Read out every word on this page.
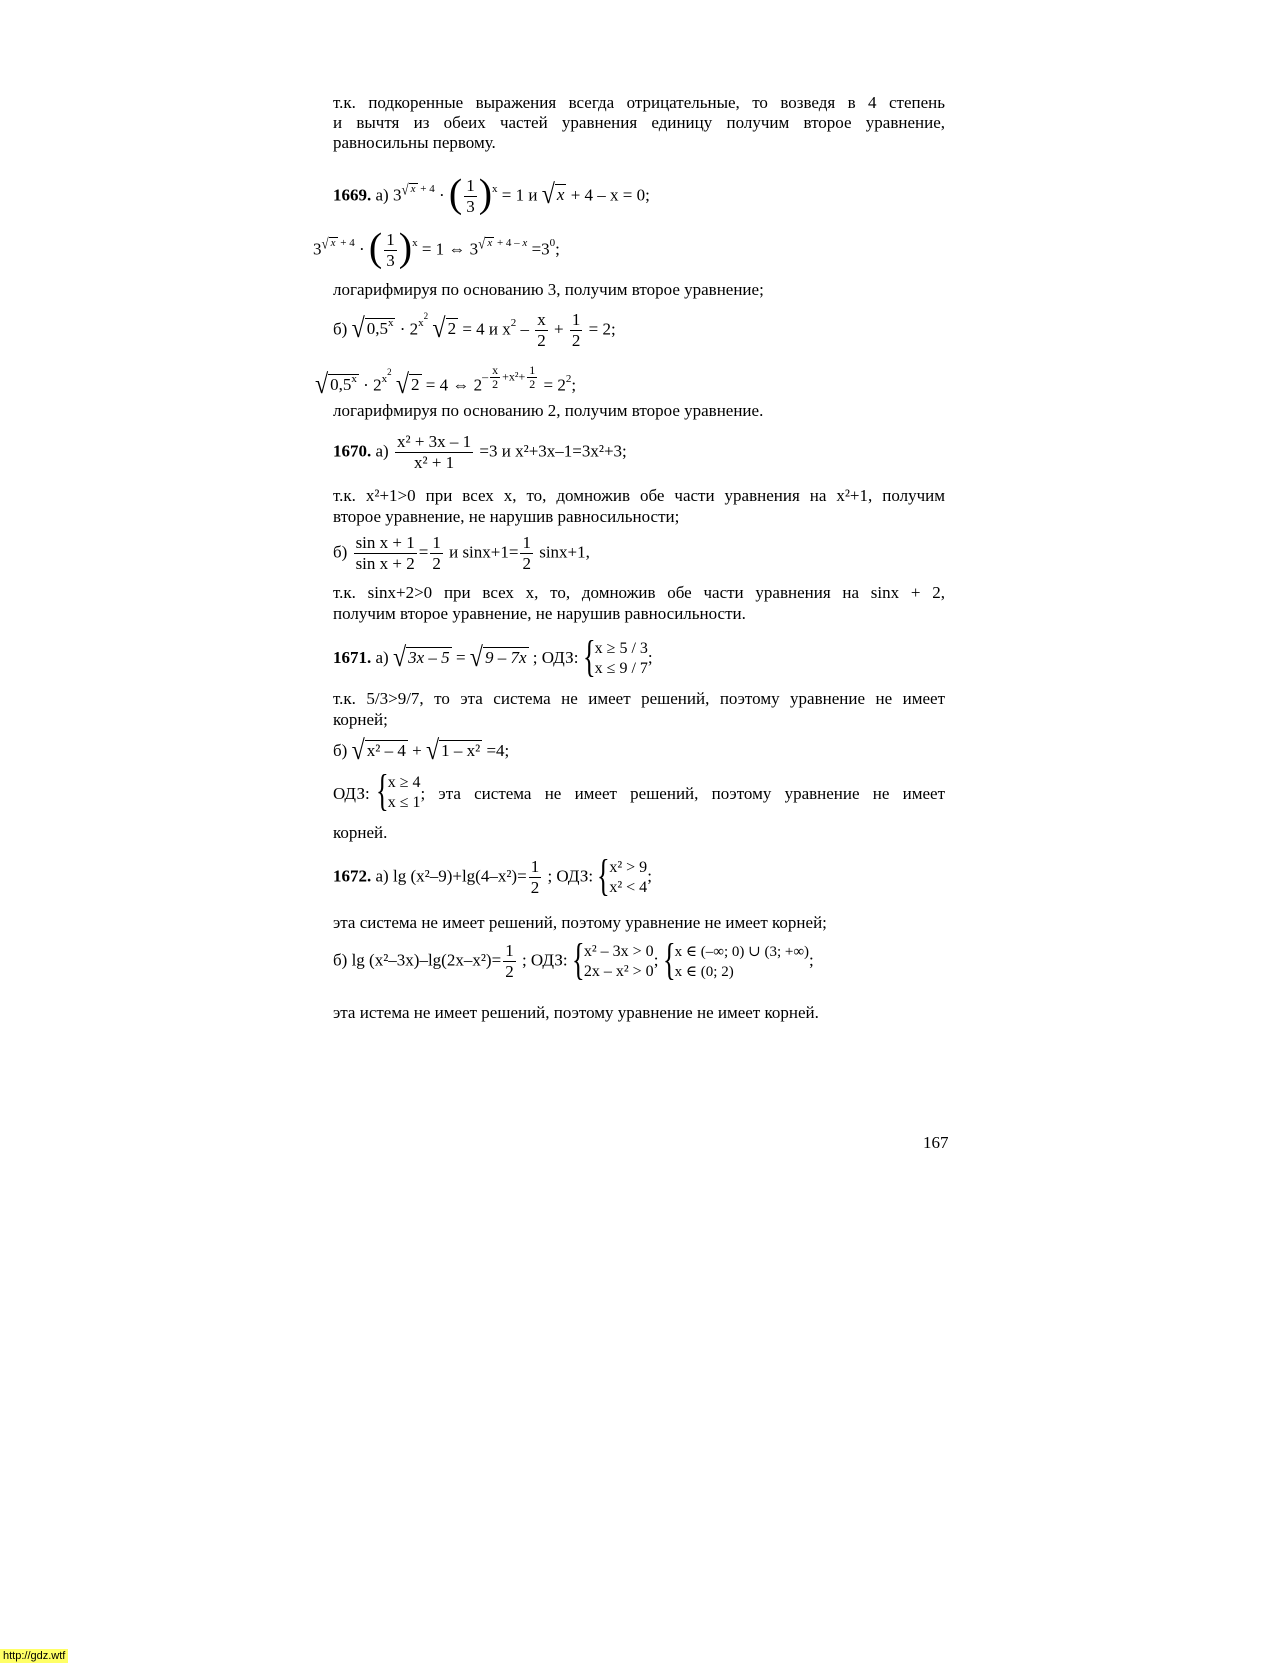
т.к. подкоренные выражения всегда отрицательные, то возведя в 4 степень
и вычтя из обеих частей уравнения единицу получим второе уравнение,
равносильны первому.
1669. а) $3^{√ x + 4}$ · ( $\frac{1}{3} )^x = 1$ и √ x + 4 – x = 0;
$3^{√ x + 4}$ · ( $\frac{1}{3} )^x = 1$ ⇔ $3^{√ x + 4 - x} =3^0$;
логарифмируя по основанию 3, получим второе уравнение;
б) √ $0,5^x \cdot 2^{x^2}$ √ 2 = 4 и $x^2 - \frac{x}{2} + \frac{1}{2} = 2$;
√ $0,5^x \cdot 2^{x^2}$ √ 2 = 4 ⇔ $2- \frac{x}{2} +x^2+ \frac{1}{2} = 2^2$;
логарифмируя по основанию 2, получим второе уравнение.
1670. $а) \frac{\text{x² + 3x – 1}}{\text{x² + 1}} =3$ и x²+3x–1=3x²+3;
т.к. x²+1>0 при всех x, то, домножив обе части уравнения на x²+1, получим
второе уравнение, не нарушив равносильности;
$б) \frac{\text{sin x + 1}}{\text{sin x + 2}} = \frac{1}{2}$ и $\sin x+1= \frac{1}{2} \sin x+1$,
т.к. sinx+2>0 при всех x, то, домножив обе части уравнения на sinx + 2,
получим второе уравнение, не нарушив равносильности.
1671. а) √ 3x – 5 = √ 9 – 7x ; ОДЗ: { x ≥ 5 / 3
x ≤ 9 / 7
;
т.к. 5/3>9/7, то эта система не имеет решений, поэтому уравнение не имеет
корней;
б) √ x² – 4 + √ 1 – x² =4;
ОДЗ: { x ≥ 4
x ≤ 1 ; эта система не имеет решений, поэтому уравнение не имеет
корней.
1672. а) $\lg (x^2-9)+\lg(4-x^2)= \frac{1}{2}$ ; ОДЗ: { x² > 9
x² < 4
;
эта система не имеет решений, поэтому уравнение не имеет корней;
б) $\lg (x^2-3x)-\lg(2x-x^2)= \frac{1}{2}$ ; ОДЗ: { x² – 3x > 0
2x – x² > 0
; { x ∈ (–∞; 0) ∪ (3; +∞)
x ∈ (0; 2)
;
эта истема не имеет решений, поэтому уравнение не имеет корней.
167
http://gdz.wtf
